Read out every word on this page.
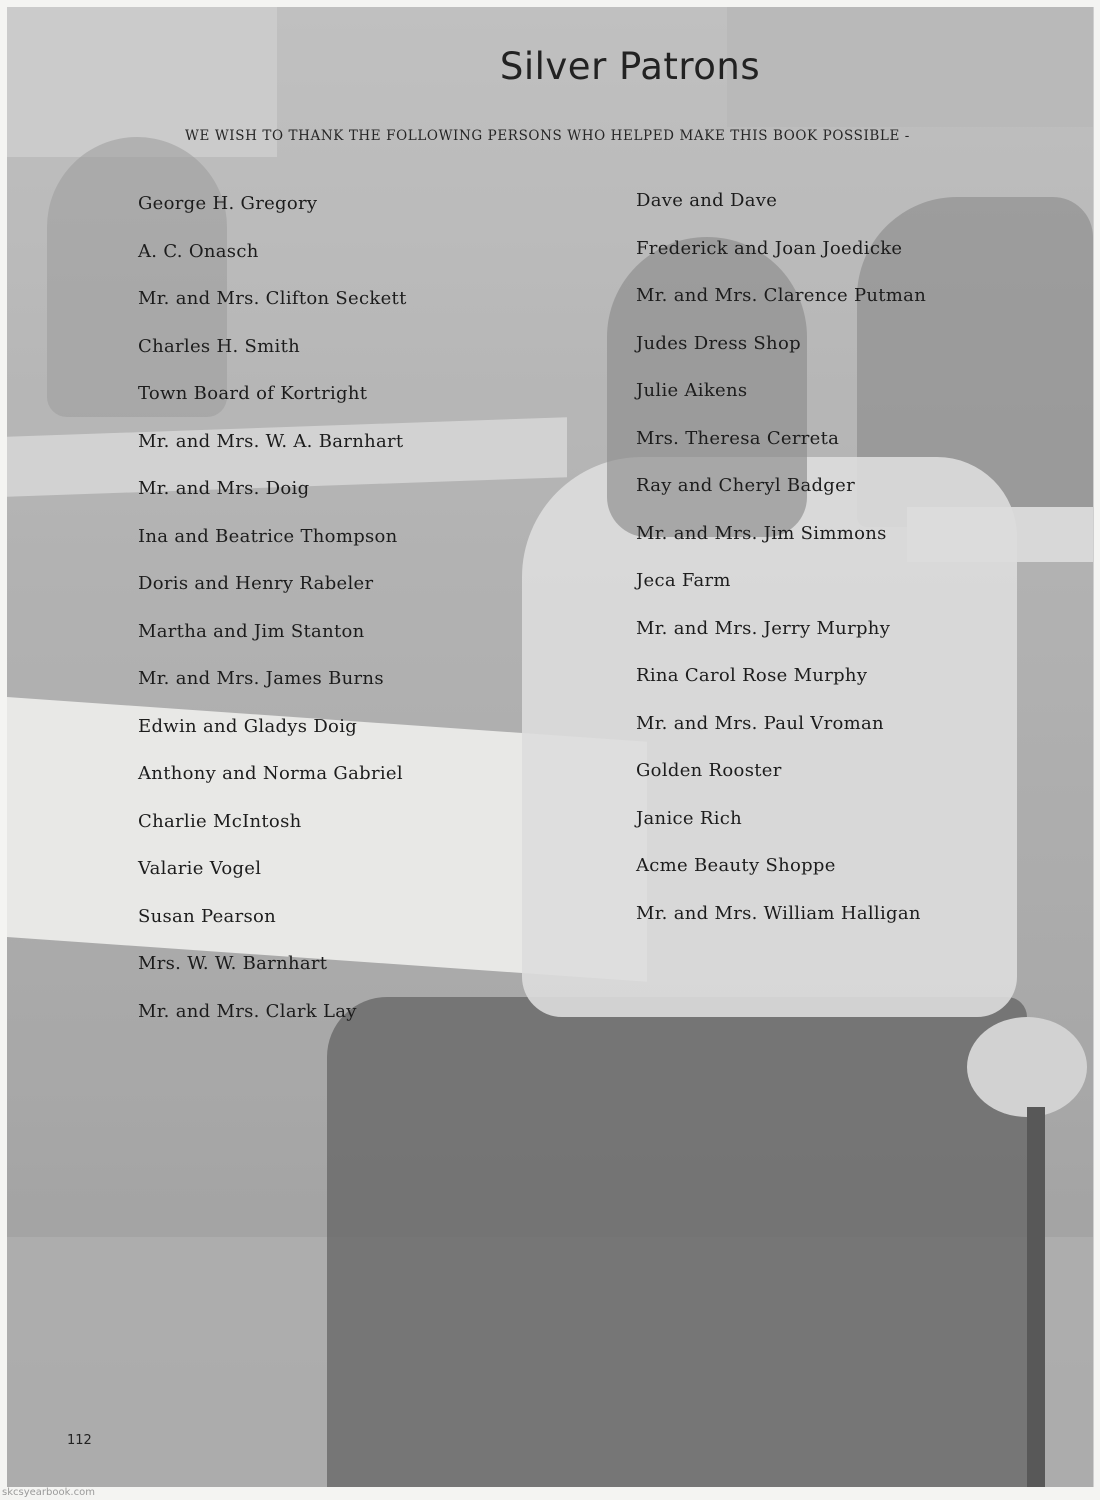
Silver Patrons
WE WISH TO THANK THE FOLLOWING PERSONS WHO HELPED MAKE THIS BOOK POSSIBLE -
George H. Gregory
A. C. Onasch
Mr. and Mrs. Clifton Seckett
Charles H. Smith
Town Board of Kortright
Mr. and Mrs. W. A. Barnhart
Mr. and Mrs. Doig
Ina and Beatrice Thompson
Doris and Henry Rabeler
Martha and Jim Stanton
Mr. and Mrs. James Burns
Edwin and Gladys Doig
Anthony and Norma Gabriel
Charlie McIntosh
Valarie Vogel
Susan Pearson
Mrs. W. W. Barnhart
Mr. and Mrs. Clark Lay
Dave and Dave
Frederick and Joan Joedicke
Mr. and Mrs. Clarence Putman
Judes Dress Shop
Julie Aikens
Mrs. Theresa Cerreta
Ray and Cheryl Badger
Mr. and Mrs. Jim Simmons
Jeca Farm
Mr. and Mrs. Jerry Murphy
Rina Carol Rose Murphy
Mr. and Mrs. Paul Vroman
Golden Rooster
Janice Rich
Acme Beauty Shoppe
Mr. and Mrs. William Halligan
112
skcsyearbook.com
